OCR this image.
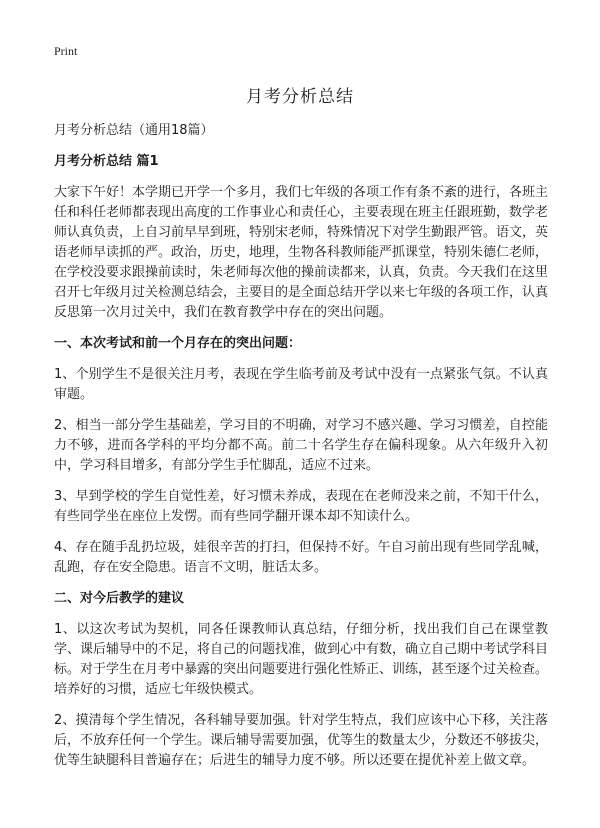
Print
月考分析总结

月考分析总结（通用18篇）

月考分析总结 篇1

大家下午好！本学期已开学一个多月，我们七年级的各项工作有条不紊的进行，各班主任和科任老师都表现出高度的工作事业心和责任心，主要表现在班主任跟班勤，数学老师认真负责，上自习前早早到班，特别宋老师，特殊情况下对学生勤跟严管。语文，英语老师早读抓的严。政治，历史，地理，生物各科教师能严抓课堂，特别朱德仁老师，在学校没要求跟操前读时，朱老师每次他的操前读都来，认真，负责。今天我们在这里召开七年级月过关检测总结会，主要目的是全面总结开学以来七年级的各项工作，认真反思第一次月过关中，我们在教育教学中存在的突出问题。

一、本次考试和前一个月存在的突出问题：

1、个别学生不是很关注月考，表现在学生临考前及考试中没有一点紧张气氛。不认真审题。

2、相当一部分学生基础差，学习目的不明确，对学习不感兴趣、学习习惯差，自控能力不够，进而各学科的平均分都不高。前二十名学生存在偏科现象。从六年级升入初中，学习科目增多，有部分学生手忙脚乱，适应不过来。

3、早到学校的学生自觉性差，好习惯未养成，表现在在老师没来之前，不知干什么，有些同学坐在座位上发愣。而有些同学翻开课本却不知读什么。

4、存在随手乱扔垃圾，娃很辛苦的打扫，但保持不好。午自习前出现有些同学乱喊，乱跑，存在安全隐患。语言不文明，脏话太多。

二、对今后教学的建议

1、以这次考试为契机，同各任课教师认真总结，仔细分析，找出我们自己在课堂教学、课后辅导中的不足，将自己的问题找准，做到心中有数，确立自己期中考试学科目标。对于学生在月考中暴露的突出问题要进行强化性矫正、训练，甚至逐个过关检查。培养好的习惯，适应七年级快模式。

2、摸清每个学生情况，各科辅导要加强。针对学生特点，我们应该中心下移，关注落后，不放弃任何一个学生。课后辅导需要加强，优等生的数量太少，分数还不够拔尖，优等生缺腿科目普遍存在；后进生的辅导力度不够。所以还要在提优补差上做文章。
